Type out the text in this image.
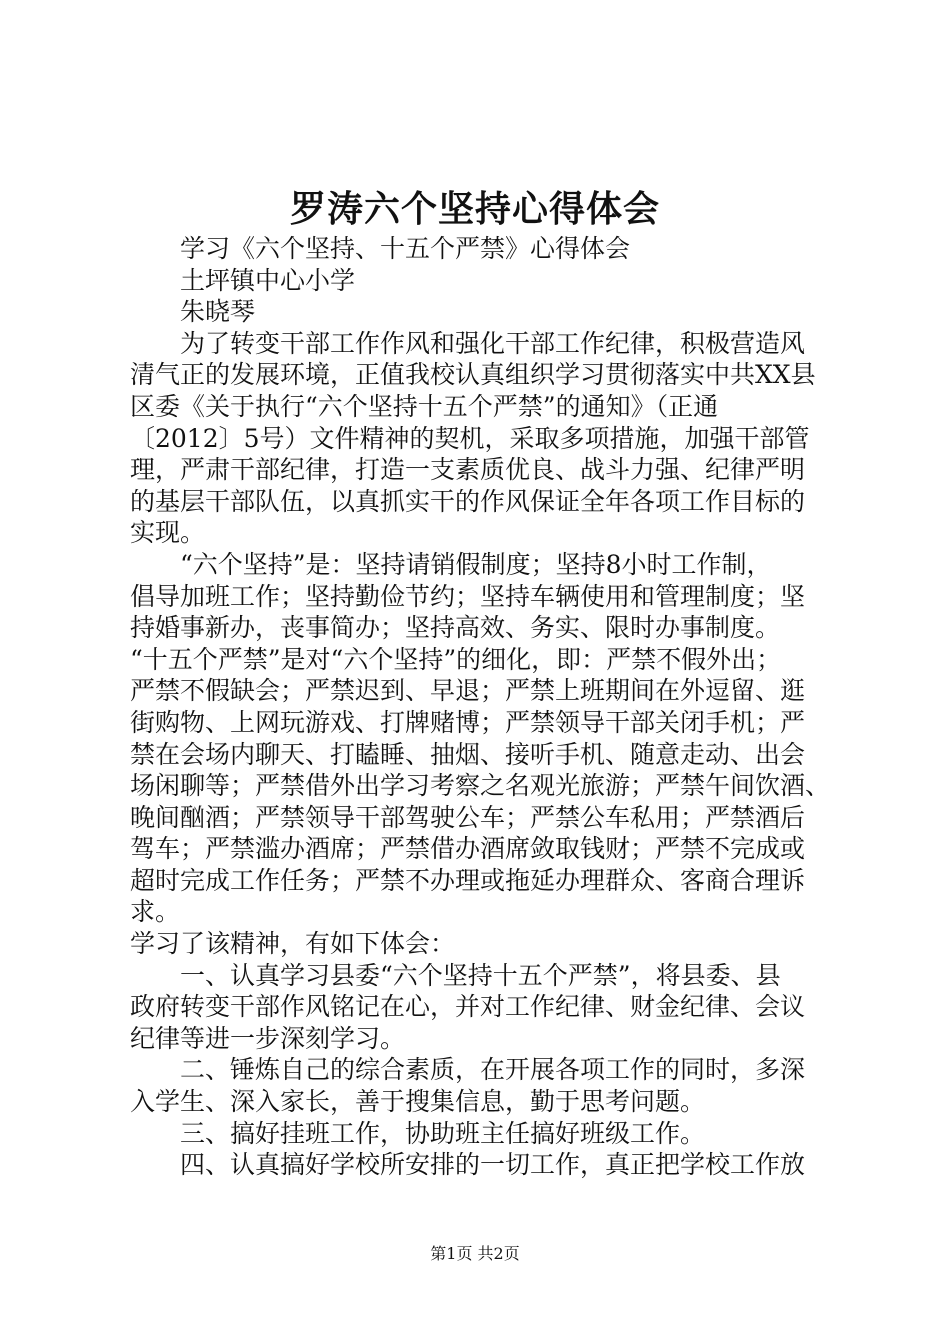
罗涛六个坚持心得体会

学习《六个坚持、十五个严禁》心得体会

土坪镇中心小学

朱晓琴

为了转变干部工作作风和强化干部工作纪律，积极营造风

清气正的发展环境，正值我校认真组织学习贯彻落实中共XX县

区委《关于执行“六个坚持十五个严禁”的通知》（正通

〔2012〕5号）文件精神的契机，采取多项措施，加强干部管

理，严肃干部纪律，打造一支素质优良、战斗力强、纪律严明

的基层干部队伍，以真抓实干的作风保证全年各项工作目标的

实现。

“六个坚持”是：坚持请销假制度；坚持8小时工作制，

倡导加班工作；坚持勤俭节约；坚持车辆使用和管理制度；坚

持婚事新办，丧事简办；坚持高效、务实、限时办事制度。

“十五个严禁”是对“六个坚持”的细化，即：严禁不假外出；

严禁不假缺会；严禁迟到、早退；严禁上班期间在外逗留、逛

街购物、上网玩游戏、打牌赌博；严禁领导干部关闭手机；严

禁在会场内聊天、打瞌睡、抽烟、接听手机、随意走动、出会

场闲聊等；严禁借外出学习考察之名观光旅游；严禁午间饮酒、

晚间酗酒；严禁领导干部驾驶公车；严禁公车私用；严禁酒后

驾车；严禁滥办酒席；严禁借办酒席敛取钱财；严禁不完成或

超时完成工作任务；严禁不办理或拖延办理群众、客商合理诉

求。

学习了该精神，有如下体会：

一、认真学习县委“六个坚持十五个严禁”，将县委、县

政府转变干部作风铭记在心，并对工作纪律、财金纪律、会议

纪律等进一步深刻学习。

二、锤炼自己的综合素质，在开展各项工作的同时，多深

入学生、深入家长，善于搜集信息，勤于思考问题。

三、搞好挂班工作，协助班主任搞好班级工作。

四、认真搞好学校所安排的一切工作，真正把学校工作放

第1页 共2页
